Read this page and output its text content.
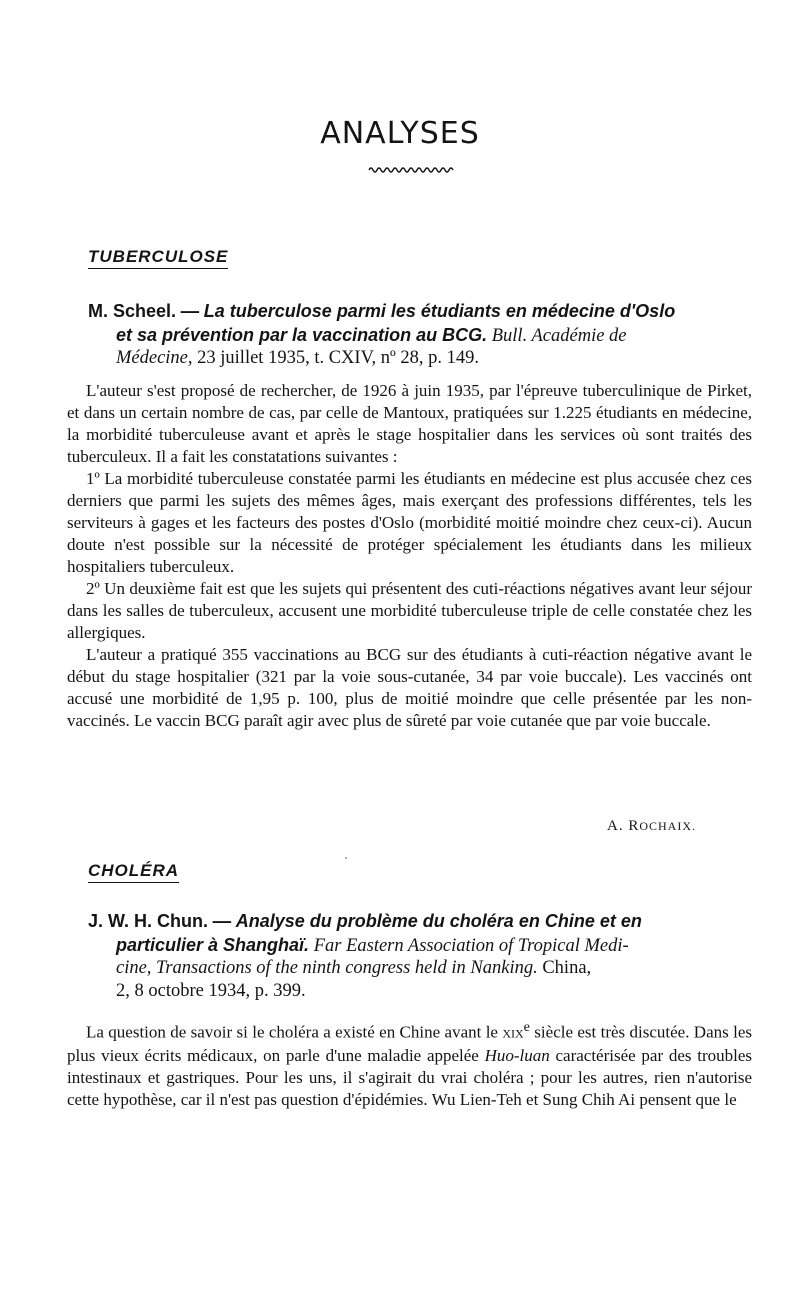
ANALYSES
TUBERCULOSE
M. Scheel. — La tuberculose parmi les étudiants en médecine d'Oslo
et sa prévention par la vaccination au BCG. Bull. Académie de
Médecine, 23 juillet 1935, t. CXIV, nº 28, p. 149.

L'auteur s'est proposé de rechercher, de 1926 à juin 1935, par l'épreuve tuberculinique de Pirket, et dans un certain nombre de cas, par celle de Mantoux, pratiquées sur 1.225 étudiants en médecine, la morbidité tuberculeuse avant et après le stage hospitalier dans les services où sont traités des tuberculeux. Il a fait les constatations suivantes :

1º La morbidité tuberculeuse constatée parmi les étudiants en médecine est plus accusée chez ces derniers que parmi les sujets des mêmes âges, mais exerçant des professions différentes, tels les serviteurs à gages et les facteurs des postes d'Oslo (morbidité moitié moindre chez ceux-ci). Aucun doute n'est possible sur la nécessité de protéger spécialement les étudiants dans les milieux hospitaliers tuberculeux.

2º Un deuxième fait est que les sujets qui présentent des cuti-réactions négatives avant leur séjour dans les salles de tuberculeux, accusent une morbidité tuberculeuse triple de celle constatée chez les allergiques.

L'auteur a pratiqué 355 vaccinations au BCG sur des étudiants à cuti-réaction négative avant le début du stage hospitalier (321 par la voie sous-cutanée, 34 par voie buccale). Les vaccinés ont accusé une morbidité de 1,95 p. 100, plus de moitié moindre que celle présentée par les non-vaccinés. Le vaccin BCG paraît agir avec plus de sûreté par voie cutanée que par voie buccale.

A. ROCHAIX.
CHOLÉRA
J. W. H. Chun. — Analyse du problème du choléra en Chine et en
particulier à Shanghaï. Far Eastern Association of Tropical Medi-
cine, Transactions of the ninth congress held in Nanking. China,
2, 8 octobre 1934, p. 399.

La question de savoir si le choléra a existé en Chine avant le XIXe siècle est très discutée. Dans les plus vieux écrits médicaux, on parle d'une maladie appelée Huo-luan caractérisée par des troubles intestinaux et gastriques. Pour les uns, il s'agirait du vrai choléra ; pour les autres, rien n'autorise cette hypothèse, car il n'est pas question d'épidémies. Wu Lien-Teh et Sung Chih Ai pensent que le
